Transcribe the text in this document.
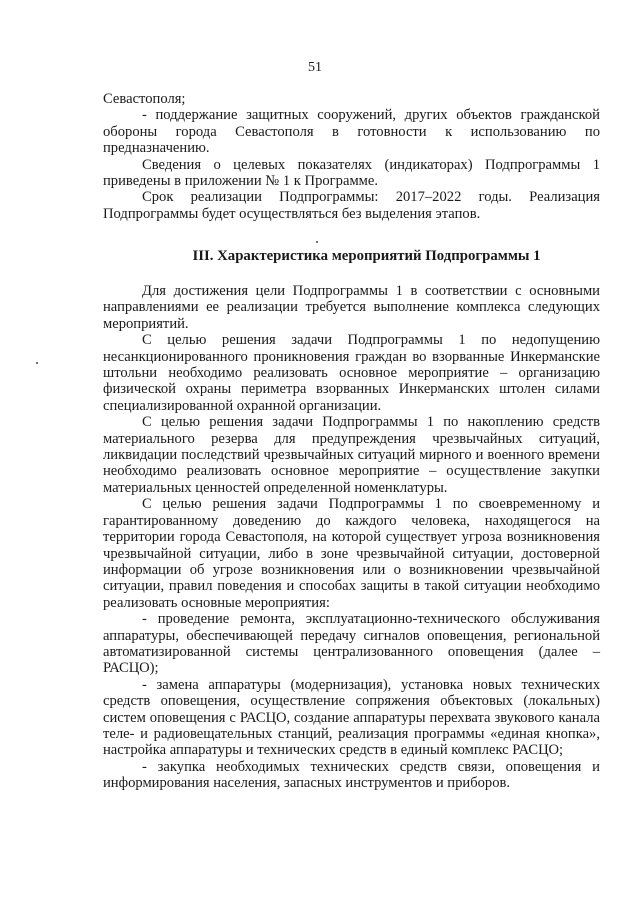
51

Севастополя;

- поддержание защитных сооружений, других объектов гражданской обороны города Севастополя в готовности к использованию по предназначению.

Сведения о целевых показателях (индикаторах) Подпрограммы 1 приведены в приложении № 1 к Программе.

Срок реализации Подпрограммы: 2017–2022 годы. Реализация Подпрограммы будет осуществляться без выделения этапов.

III. Характеристика мероприятий Подпрограммы 1

Для достижения цели Подпрограммы 1 в соответствии с основными направлениями ее реализации требуется выполнение комплекса следующих мероприятий.

С целью решения задачи Подпрограммы 1 по недопущению несанкционированного проникновения граждан во взорванные Инкерманские штольни необходимо реализовать основное мероприятие – организацию физической охраны периметра взорванных Инкерманских штолен силами специализированной охранной организации.

С целью решения задачи Подпрограммы 1 по накоплению средств материального резерва для предупреждения чрезвычайных ситуаций, ликвидации последствий чрезвычайных ситуаций мирного и военного времени необходимо реализовать основное мероприятие – осуществление закупки материальных ценностей определенной номенклатуры.

С целью решения задачи Подпрограммы 1 по своевременному и гарантированному доведению до каждого человека, находящегося на территории города Севастополя, на которой существует угроза возникновения чрезвычайной ситуации, либо в зоне чрезвычайной ситуации, достоверной информации об угрозе возникновения или о возникновении чрезвычайной ситуации, правил поведения и способах защиты в такой ситуации необходимо реализовать основные мероприятия:

- проведение ремонта, эксплуатационно-технического обслуживания аппаратуры, обеспечивающей передачу сигналов оповещения, региональной автоматизированной системы централизованного оповещения (далее – РАСЦО);

- замена аппаратуры (модернизация), установка новых технических средств оповещения, осуществление сопряжения объектовых (локальных) систем оповещения с РАСЦО, создание аппаратуры перехвата звукового канала теле- и радиовещательных станций, реализация программы «единая кнопка», настройка аппаратуры и технических средств в единый комплекс РАСЦО;

- закупка необходимых технических средств связи, оповещения и информирования населения, запасных инструментов и приборов.
